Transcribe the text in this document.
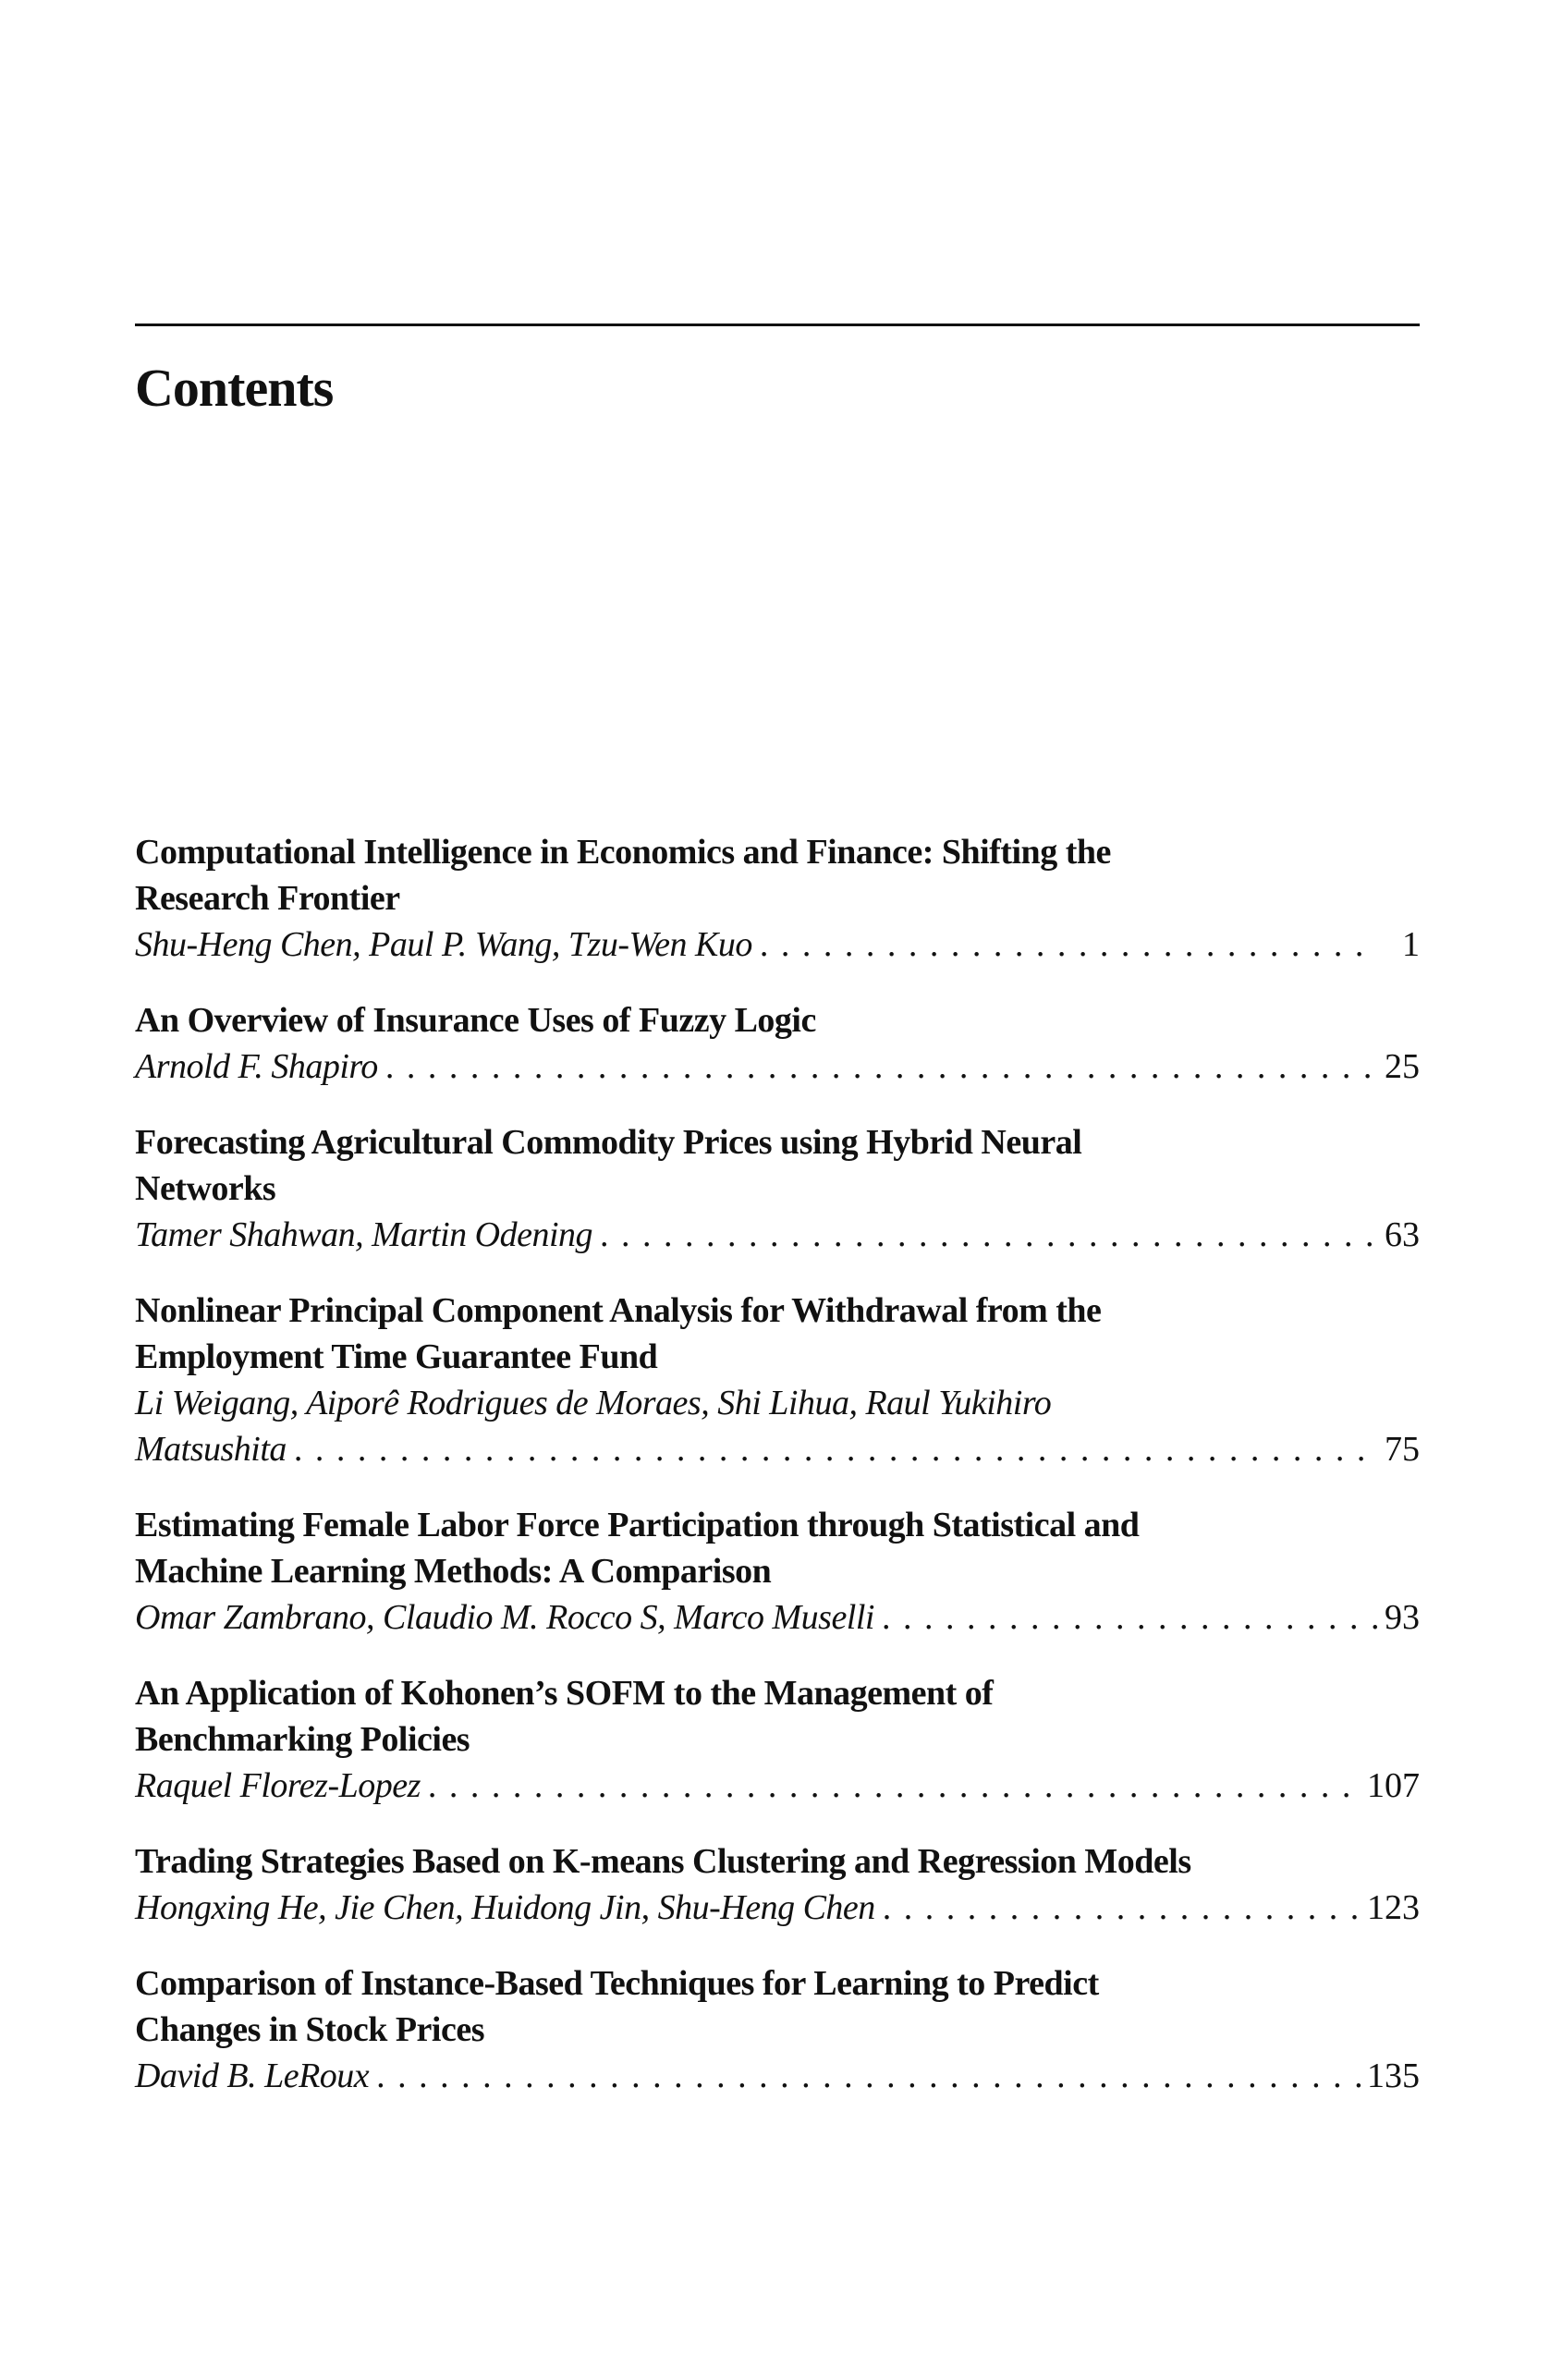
Contents
Computational Intelligence in Economics and Finance: Shifting the
Research Frontier
Shu-Heng Chen, Paul P. Wang, Tzu-Wen Kuo . . .	1
An Overview of Insurance Uses of Fuzzy Logic
Arnold F. Shapiro . . .	25
Forecasting Agricultural Commodity Prices using Hybrid Neural
Networks
Tamer Shahwan, Martin Odening . . .	63
Nonlinear Principal Component Analysis for Withdrawal from the
Employment Time Guarantee Fund
Li Weigang, Aiporê Rodrigues de Moraes, Shi Lihua, Raul Yukihiro
Matsushita . . .	75
Estimating Female Labor Force Participation through Statistical and
Machine Learning Methods: A Comparison
Omar Zambrano, Claudio M. Rocco S, Marco Muselli . . .	93
An Application of Kohonen’s SOFM to the Management of
Benchmarking Policies
Raquel Florez-Lopez . . .	107
Trading Strategies Based on K-means Clustering and Regression Models
Hongxing He, Jie Chen, Huidong Jin, Shu-Heng Chen . . .	123
Comparison of Instance-Based Techniques for Learning to Predict
Changes in Stock Prices
David B. LeRoux . . .	135
